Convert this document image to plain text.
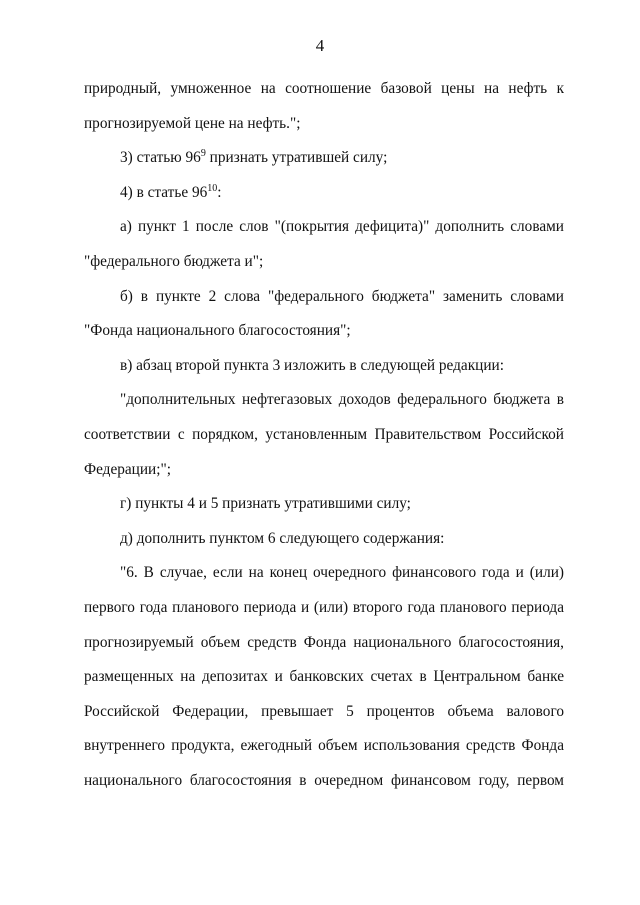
4
природный, умноженное на соотношение базовой цены на нефть к
прогнозируемой цене на нефть.";
3) статью $96^9$ признать утратившей силу;
4) в статье $96^{10}$:
a) пункт 1 после слов "(покрытия дефицита)" дополнить словами
"федерального бюджета и";
б) в пункте 2 слова "федерального бюджета" заменить словами
"Фонда национального благосостояния";
в) абзац второй пункта 3 изложить в следующей редакции:
"дополнительных нефтегазовых доходов федерального бюджета в
соответствии с порядком, установленным Правительством Российской
Федерации;";
г) пункты 4 и 5 признать утратившими силу;
д) дополнить пунктом 6 следующего содержания:
"6. В случае, если на конец очередного финансового года и (или)
первого года планового периода и (или) второго года планового периода
прогнозируемый объем средств Фонда национального благосостояния,
размещенных на депозитах и банковских счетах в Центральном банке
Российской Федерации, превышает 5 процентов объема валового
внутреннего продукта, ежегодный объем использования средств Фонда
национального благосостояния в очередном финансовом году, первом
